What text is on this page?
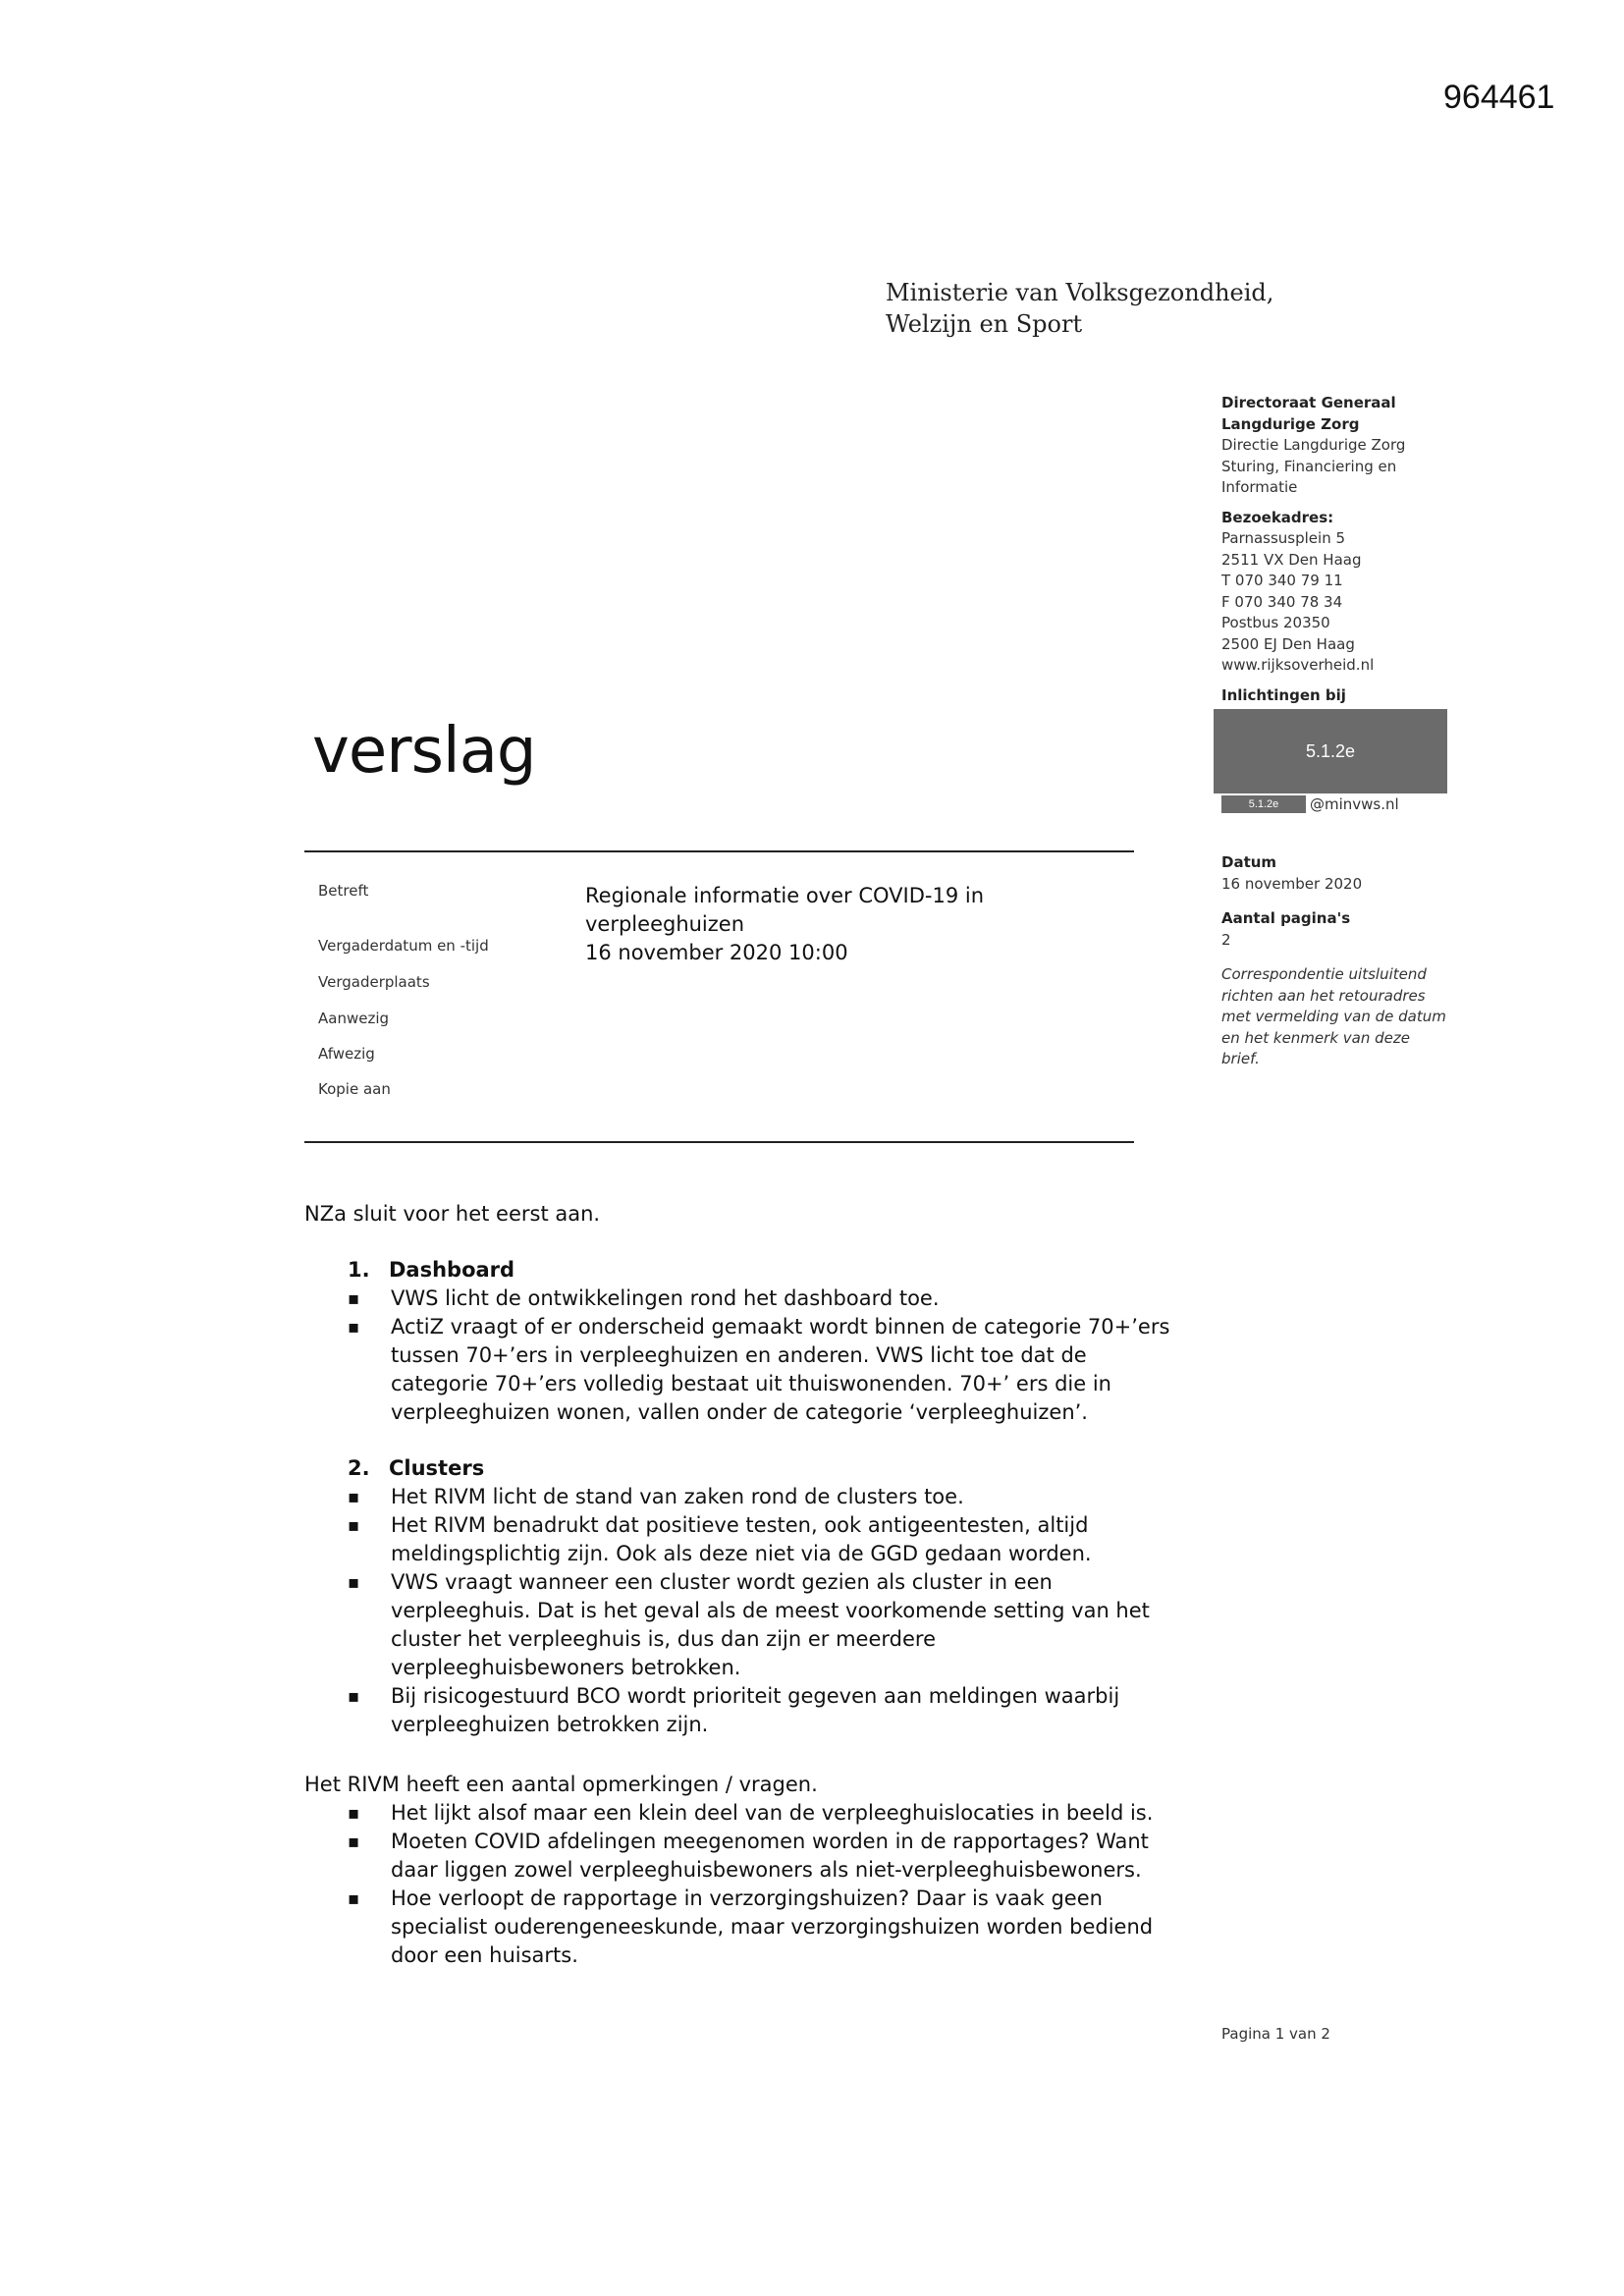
964461
Ministerie van Volksgezondheid,
Welzijn en Sport
Directoraat Generaal
Langdurige Zorg
Directie Langdurige Zorg
Sturing, Financiering en
Informatie
Bezoekadres:
Parnassusplein 5
2511 VX Den Haag
T 070 340 79 11
F 070 340 78 34
Postbus 20350
2500 EJ Den Haag
www.rijksoverheid.nl
Inlichtingen bij
5.1.2e
5.1.2e	@minvws.nl
Datum
16 november 2020
Aantal pagina's
2
Correspondentie uitsluitend
richten aan het retouradres
met vermelding van de datum
en het kenmerk van deze
brief.
verslag
Betreft
Vergaderdatum en -tijd
Vergaderplaats
Aanwezig
Afwezig
Kopie aan
Regionale informatie over COVID-19 in
verpleeghuizen
16 november 2020 10:00

NZa sluit voor het eerst aan.

1. Dashboard
▪ VWS licht de ontwikkelingen rond het dashboard toe.
▪ ActiZ vraagt of er onderscheid gemaakt wordt binnen de categorie 70+’ers
tussen 70+’ers in verpleeghuizen en anderen. VWS licht toe dat de
categorie 70+’ers volledig bestaat uit thuiswonenden. 70+’ ers die in
verpleeghuizen wonen, vallen onder de categorie ‘verpleeghuizen’.
2. Clusters
▪ Het RIVM licht de stand van zaken rond de clusters toe.
▪ Het RIVM benadrukt dat positieve testen, ook antigeentesten, altijd
meldingsplichtig zijn. Ook als deze niet via de GGD gedaan worden.
▪ VWS vraagt wanneer een cluster wordt gezien als cluster in een
verpleeghuis. Dat is het geval als de meest voorkomende setting van het
cluster het verpleeghuis is, dus dan zijn er meerdere
verpleeghuisbewoners betrokken.
▪ Bij risicogestuurd BCO wordt prioriteit gegeven aan meldingen waarbij
verpleeghuizen betrokken zijn.

Het RIVM heeft een aantal opmerkingen / vragen.

▪ Het lijkt alsof maar een klein deel van de verpleeghuislocaties in beeld is.
▪ Moeten COVID afdelingen meegenomen worden in de rapportages? Want
daar liggen zowel verpleeghuisbewoners als niet-verpleeghuisbewoners.
▪ Hoe verloopt de rapportage in verzorgingshuizen? Daar is vaak geen
specialist ouderengeneeskunde, maar verzorgingshuizen worden bediend
door een huisarts.
Pagina 1 van 2
